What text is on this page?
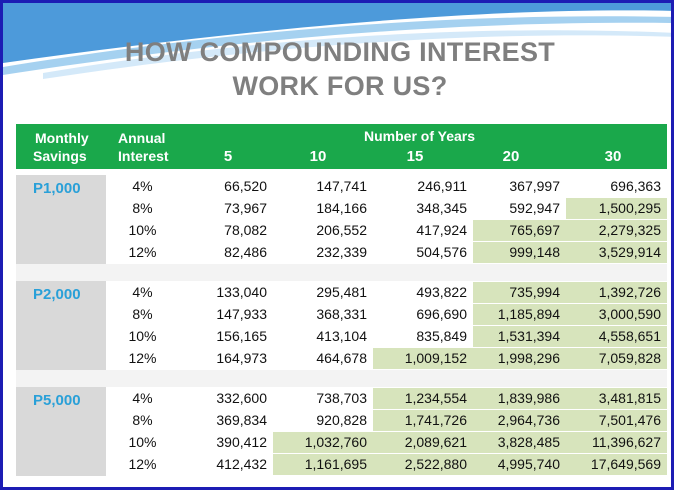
HOW COMPOUNDING INTEREST
WORK FOR US?
Monthly
Savings
Annual
Interest
Number of Years
5	10	15	20	30
P1,000	4%	66,520	147,741	246,911	367,997	696,363
8%	73,967	184,166	348,345	592,947	1,500,295
10%	78,082	206,552	417,924	765,697	2,279,325
12%	82,486	232,339	504,576	999,148	3,529,914
P2,000	4%	133,040	295,481	493,822	735,994	1,392,726
8%	147,933	368,331	696,690	1,185,894	3,000,590
10%	156,165	413,104	835,849	1,531,394	4,558,651
12%	164,973	464,678	1,009,152	1,998,296	7,059,828
P5,000	4%	332,600	738,703	1,234,554	1,839,986	3,481,815
8%	369,834	920,828	1,741,726	2,964,736	7,501,476
10%	390,412	1,032,760	2,089,621	3,828,485	11,396,627
12%	412,432	1,161,695	2,522,880	4,995,740	17,649,569
